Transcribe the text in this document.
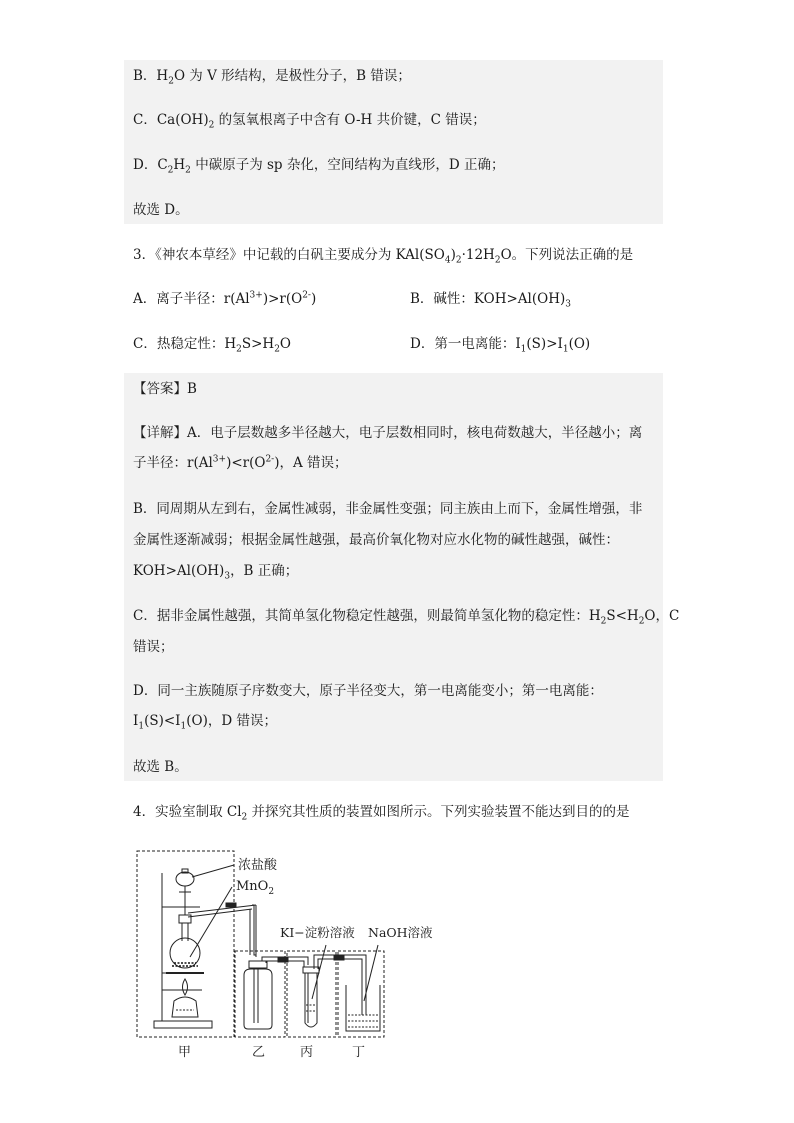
B．$H_2O$ 为 V 形结构，是极性分子，B 错误；
C．$Ca(OH)_2$ 的氢氧根离子中含有 O-H 共价键，C 错误；
D．$C_2H_2$ 中碳原子为 sp 杂化，空间结构为直线形，D 正确；
故选 D。
3．《神农本草经》中记载的白矾主要成分为 $KAl(SO_4)_2\cdot 12H_2O$。下列说法正确的是
A．离子半径：$r(Al^{3+})>r(O^{2-})$	B．碱性：$KOH>Al(OH)_3$
C．热稳定性：$H_2S>H_2O$	D．第一电离能：$I_1(S)>I_1(O)$
【答案】B
【详解】A．电子层数越多半径越大，电子层数相同时，核电荷数越大，半径越小；离
子半径：$r(Al^{3+})<r(O^{2-})$，A 错误；
B．同周期从左到右，金属性减弱，非金属性变强；同主族由上而下，金属性增强，非
金属性逐渐减弱；根据金属性越强，最高价氧化物对应水化物的碱性越强，碱性：
$KOH>Al(OH)_3$，B 正确；
C．据非金属性越强，其简单氢化物稳定性越强，则最简单氢化物的稳定性：$H_2S<H_2O$，C
错误；
D．同一主族随原子序数变大，原子半径变大，第一电离能变小；第一电离能：
$I_1(S)<I_1(O)$，D 错误；
故选 B。
4．实验室制取 $Cl_2$ 并探究其性质的装置如图所示。下列实验装置不能达到目的的是
浓盐酸
MnO$_2$
KI−淀粉溶液 NaOH溶液
甲	乙	丙	丁
